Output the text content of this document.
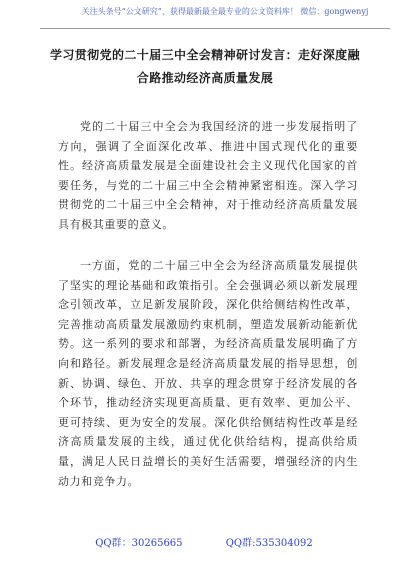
关注头条号“公文研究”，获得最新最全最专业的公文资料库！ 微信：gongwenyj
学习贯彻党的二十届三中全会精神研讨发言：走好深度融
合路推动经济高质量发展

党的二十届三中全会为我国经济的进一步发展指明了方向，强调了全面深化改革、推进中国式现代化的重要性。经济高质量发展是全面建设社会主义现代化国家的首要任务，与党的二十届三中全会精神紧密相连。深入学习贯彻党的二十届三中全会精神，对于推动经济高质量发展具有极其重要的意义。

一方面，党的二十届三中全会为经济高质量发展提供了坚实的理论基础和政策指引。全会强调必须以新发展理念引领改革，立足新发展阶段，深化供给侧结构性改革，完善推动高质量发展激励约束机制，塑造发展新动能新优势。这一系列的要求和部署，为经济高质量发展明确了方向和路径。新发展理念是经济高质量发展的指导思想，创新、协调、绿色、开放、共享的理念贯穿于经济发展的各个环节，推动经济实现更高质量、更有效率、更加公平、更可持续、更为安全的发展。深化供给侧结构性改革是经济高质量发展的主线，通过优化供给结构，提高供给质量，满足人民日益增长的美好生活需要，增强经济的内生动力和竞争力。

QQ群：30265665	QQ群:535304092
